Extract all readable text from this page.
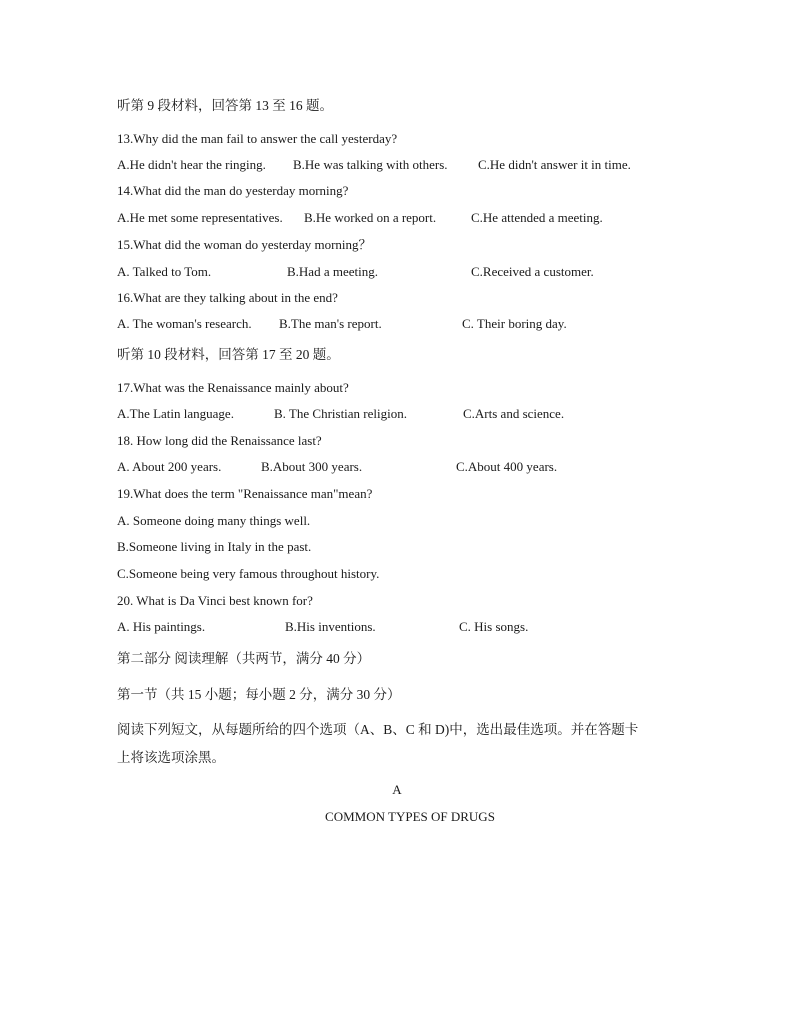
听第 9 段材料，回答第 13 至 16 题。
13.Why did the man fail to answer the call yesterday?
A.He didn't hear the ringing. B.He was talking with others. C.He didn't answer it in time.
14.What did the man do yesterday morning?
A.He met some representatives. B.He worked on a report.	C.He attended a meeting.
15.What did the woman do yesterday morning？
A. Talked to Tom.	B.Had a meeting.	C.Received a customer.
16.What are they talking about in the end?
A. The woman's research. B.The man's report.	C. Their boring day.
听第 10 段材料，回答第 17 至 20 题。
17.What was the Renaissance mainly about?
A.The Latin language.	B. The Christian religion.	C.Arts and science.
18. How long did the Renaissance last?
A. About 200 years.	B.About 300 years.	C.About 400 years.
19.What does the term "Renaissance man"mean?
A. Someone doing many things well.
B.Someone living in Italy in the past.
C.Someone being very famous throughout history.
20. What is Da Vinci best known for?
A. His paintings.	B.His inventions.	C. His songs.
第二部分 阅读理解（共两节，满分 40 分）
第一节（共 15 小题；每小题 2 分，满分 30 分）
阅读下列短文，从每题所给的四个选项（A、B、C 和 D)中，选出最佳选项。并在答题卡
上将该选项涂黑。
A
COMMON TYPES OF DRUGS
